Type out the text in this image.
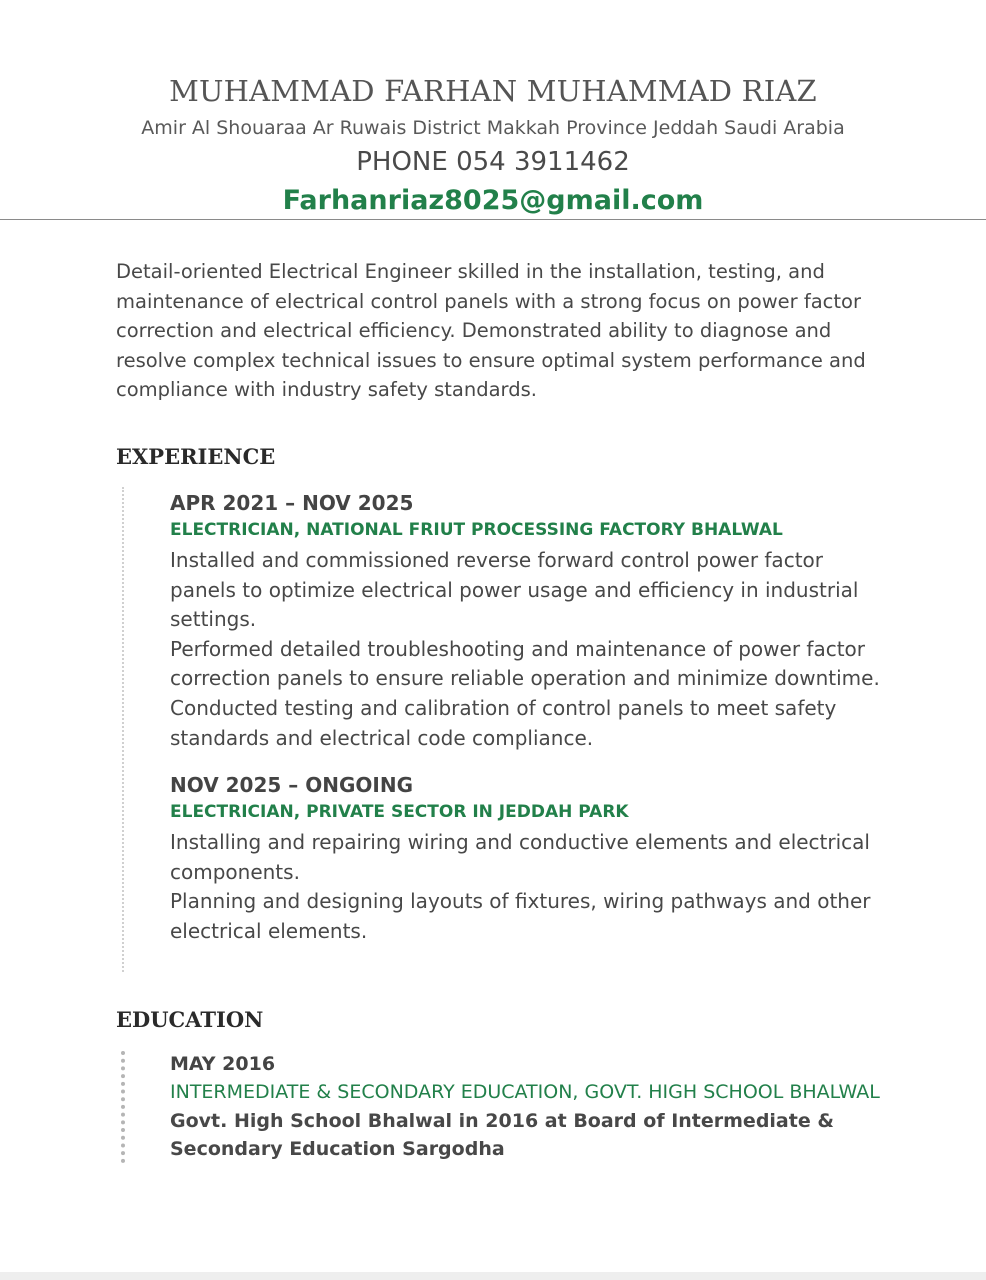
MUHAMMAD FARHAN MUHAMMAD RIAZ
Amir Al Shouaraa Ar Ruwais District Makkah Province Jeddah Saudi Arabia
PHONE 054 3911462
Farhanriaz8025@gmail.com

Detail-oriented Electrical Engineer skilled in the installation, testing, and maintenance of electrical control panels with a strong focus on power factor correction and electrical efficiency. Demonstrated ability to diagnose and resolve complex technical issues to ensure optimal system performance and compliance with industry safety standards.

EXPERIENCE
APR 2021 – NOV 2025
ELECTRICIAN, NATIONAL FRIUT PROCESSING FACTORY BHALWAL

Installed and commissioned reverse forward control power factor panels to optimize electrical power usage and efficiency in industrial settings.
Performed detailed troubleshooting and maintenance of power factor correction panels to ensure reliable operation and minimize downtime.
Conducted testing and calibration of control panels to meet safety standards and electrical code compliance.

NOV 2025 – ONGOING
ELECTRICIAN, PRIVATE SECTOR IN JEDDAH PARK

Installing and repairing wiring and conductive elements and electrical components.
Planning and designing layouts of fixtures, wiring pathways and other electrical elements.

EDUCATION
MAY 2016
INTERMEDIATE & SECONDARY EDUCATION, GOVT. HIGH SCHOOL BHALWAL
Govt. High School Bhalwal in 2016 at Board of Intermediate & Secondary Education Sargodha
